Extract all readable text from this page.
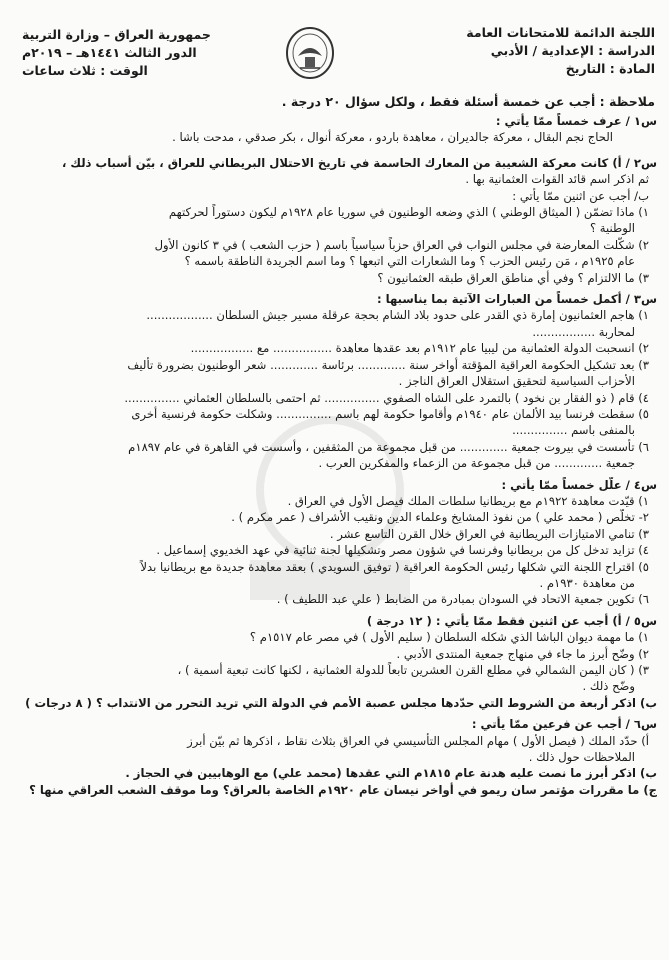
اللجنة الدائمة للامتحانات العامة
الدراسة : الإعدادية / الأدبي
المادة : التاريخ
جمهورية العراق – وزارة التربية
الدور الثالث ١٤٤١هـ – ٢٠١٩م
الوقت : ثلاث ساعات
ملاحظة : أجب عن خمسة أسئلة فقط ، ولكل سؤال ٢٠ درجة .
س١ / عرف خمساً ممّا يأتي :
الحاج نجم البقال ، معركة جالديران ، معاهدة باردو ، معركة أنوال ، بكر صدقي ، مدحت باشا .
س٢ / أ) كانت معركة الشعيبة من المعارك الحاسمة في تاريخ الاحتلال البريطاني للعراق ، بيّن أسباب ذلك ،
ثم اذكر اسم قائد القوات العثمانية بها .
ب/ أجب عن اثنين ممّا يأتي :
١) ماذا تضمّن ( الميثاق الوطني ) الذي وضعه الوطنيون في سوريا عام ١٩٢٨م ليكون دستوراً لحركتهم
الوطنية ؟
٢) شكّلت المعارضة في مجلس النواب في العراق حزباً سياسياً باسم ( حزب الشعب ) في ٣ كانون الأول
عام ١٩٢٥م ، مَن رئيس الحزب ؟ وما الشعارات التي اتبعها ؟ وما اسم الجريدة الناطقة باسمه ؟
٣) ما الالتزام ؟ وفي أي مناطق العراق طبقه العثمانيون ؟
س٣ / أكمل خمساً من العبارات الآتية بما يناسبها :
١) هاجم العثمانيون إمارة ذي القدر على حدود بلاد الشام بحجة عرقلة مسير جيش السلطان ..................
لمحاربة .................
٢) انسحبت الدولة العثمانية من ليبيا عام ١٩١٢م بعد عقدها معاهدة ................ مع .................
٣) بعد تشكيل الحكومة العراقية المؤقتة أواخر سنة ............. برئاسة ............. شعر الوطنيون بضرورة تأليف
الأحزاب السياسية لتحقيق استقلال العراق الناجز .
٤) قام ( ذو الفقار بن نخود ) بالتمرد على الشاه الصفوي ............... ثم احتمى بالسلطان العثماني ...............
٥) سقطت فرنسا بيد الألمان عام ١٩٤٠م وأقاموا حكومة لهم باسم ............... وشكلت حكومة فرنسية أخرى
بالمنفى باسم ...............
٦) تأسست في بيروت جمعية ............. من قبل مجموعة من المثقفين ، وأسست في القاهرة في عام ١٨٩٧م
جمعية ............. من قبل مجموعة من الزعماء والمفكرين العرب .
س٤ / علّل خمساً ممّا يأتي :
١) قيّدت معاهدة ١٩٢٢م مع بريطانيا سلطات الملك فيصل الأول في العراق .
٢- تخلّص ( محمد علي ) من نفوذ المشايخ وعلماء الدين ونقيب الأشراف ( عمر مكرم ) .
٣) تنامي الامتيازات البريطانية في العراق خلال القرن التاسع عشر .
٤) تزايد تدخل كل من بريطانيا وفرنسا في شؤون مصر وتشكيلها لجنة ثنائية في عهد الخديوي إسماعيل .
٥) اقتراح اللجنة التي شكلها رئيس الحكومة العراقية ( توفيق السويدي ) بعقد معاهدة جديدة مع بريطانيا بدلاً
من معاهدة ١٩٣٠م .
٦) تكوين جمعية الاتحاد في السودان بمبادرة من الضابط ( علي عبد اللطيف ) .
س٥ / أ) أجب عن اثنين فقط ممّا يأتي : ( ١٢ درجة )
١) ما مهمة ديوان الباشا الذي شكله السلطان ( سليم الأول ) في مصر عام ١٥١٧م ؟
٢) وضّح أبرز ما جاء في منهاج جمعية المنتدى الأدبي .
٣) ( كان اليمن الشمالي في مطلع القرن العشرين تابعاً للدولة العثمانية ، لكنها كانت تبعية أسمية ) ،
وضّح ذلك .
ب) اذكر أربعة من الشروط التي حدّدها مجلس عصبة الأمم في الدولة التي تريد التحرر من الانتداب ؟ ( ٨ درجات )
س٦ / أجب عن فرعين ممّا يأتي :
أ) حدّد الملك ( فيصل الأول ) مهام المجلس التأسيسي في العراق بثلاث نقاط ، اذكرها ثم بيّن أبرز
الملاحظات حول ذلك .
ب) اذكر أبرز ما نصت عليه هدنة عام ١٨١٥م التي عقدها (محمد علي) مع الوهابيين في الحجاز .
ج) ما مقررات مؤتمر سان ريمو في أواخر نيسان عام ١٩٢٠م الخاصة بالعراق؟ وما موقف الشعب العراقي منها ؟
